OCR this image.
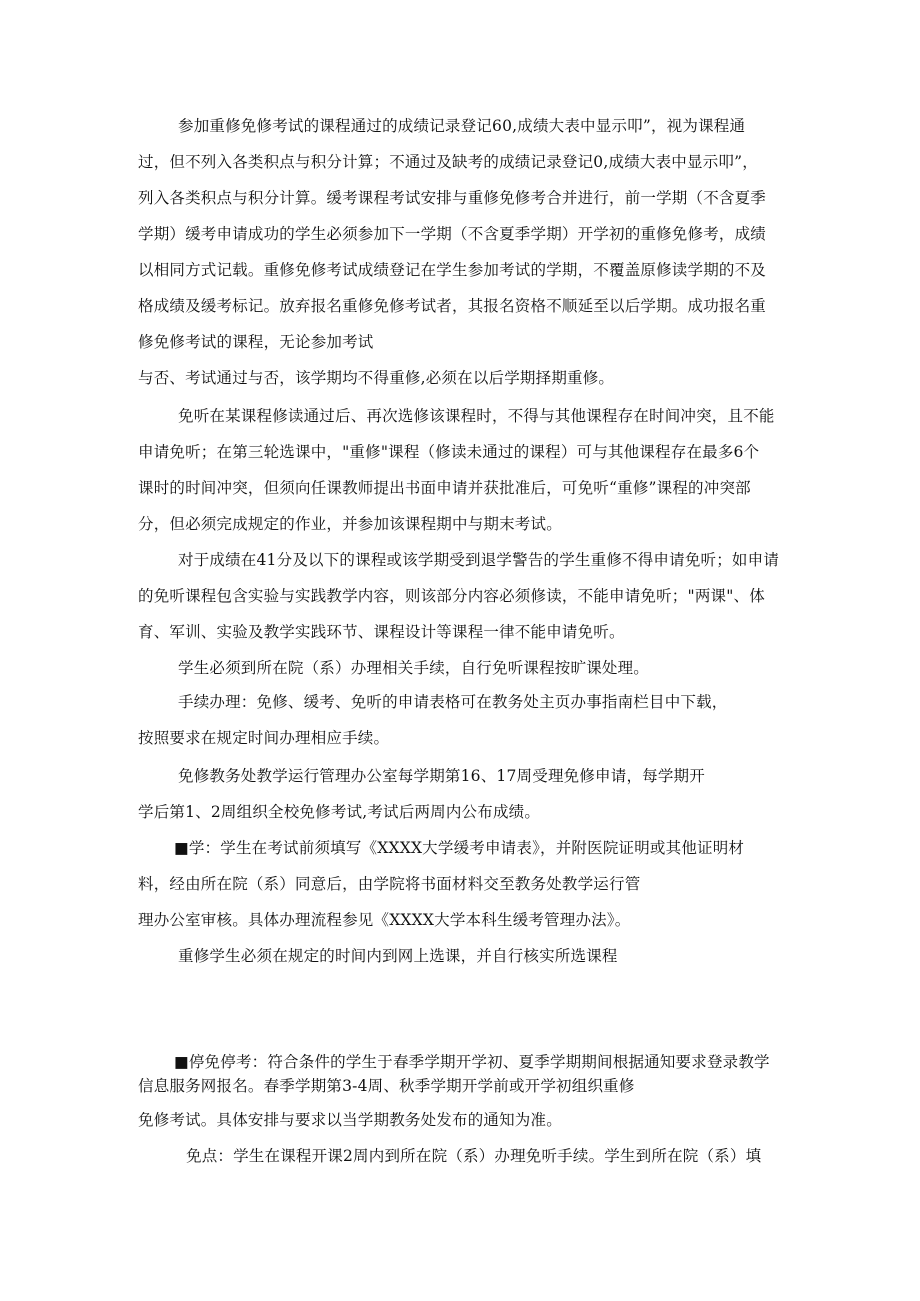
参加重修免修考试的课程通过的成绩记录登记60,成绩大表中显示叩”，视为课程通
过，但不列入各类积点与积分计算；不通过及缺考的成绩记录登记0,成绩大表中显示叩”，
列入各类积点与积分计算。缓考课程考试安排与重修免修考合并进行，前一学期（不含夏季
学期）缓考申请成功的学生必须参加下一学期（不含夏季学期）开学初的重修免修考，成绩
以相同方式记载。重修免修考试成绩登记在学生参加考试的学期，不覆盖原修读学期的不及
格成绩及缓考标记。放弃报名重修免修考试者，其报名资格不顺延至以后学期。成功报名重
修免修考试的课程，无论参加考试
与否、考试通过与否，该学期均不得重修,必须在以后学期择期重修。
免听在某课程修读通过后、再次选修该课程时，不得与其他课程存在时间冲突，且不能
申请免听；在第三轮选课中，"重修"课程（修读未通过的课程）可与其他课程存在最多6个
课时的时间冲突，但须向任课教师提出书面申请并获批准后，可免听“重修”课程的冲突部
分，但必须完成规定的作业，并参加该课程期中与期末考试。
对于成绩在41分及以下的课程或该学期受到退学警告的学生重修不得申请免听；如申请
的免听课程包含实验与实践教学内容，则该部分内容必须修读，不能申请免听；"两课"、体
育、军训、实验及教学实践环节、课程设计等课程一律不能申请免听。
学生必须到所在院（系）办理相关手续，自行免听课程按旷课处理。
手续办理：免修、缓考、免听的申请表格可在教务处主页办事指南栏目中下载，
按照要求在规定时间办理相应手续。
免修教务处教学运行管理办公室每学期第16、17周受理免修申请，每学期开
学后第1、2周组织全校免修考试,考试后两周内公布成绩。
■学：学生在考试前须填写《XXXX大学缓考申请表》，并附医院证明或其他证明材
料，经由所在院（系）同意后，由学院将书面材料交至教务处教学运行管
理办公室审核。具体办理流程参见《XXXX大学本科生缓考管理办法》。
重修学生必须在规定的时间内到网上选课，并自行核实所选课程
■停免停考：符合条件的学生于春季学期开学初、夏季学期期间根据通知要求登录教学
信息服务网报名。春季学期第3-4周、秋季学期开学前或开学初组织重修
免修考试。具体安排与要求以当学期教务处发布的通知为准。
免点：学生在课程开课2周内到所在院（系）办理免听手续。学生到所在院（系）填
